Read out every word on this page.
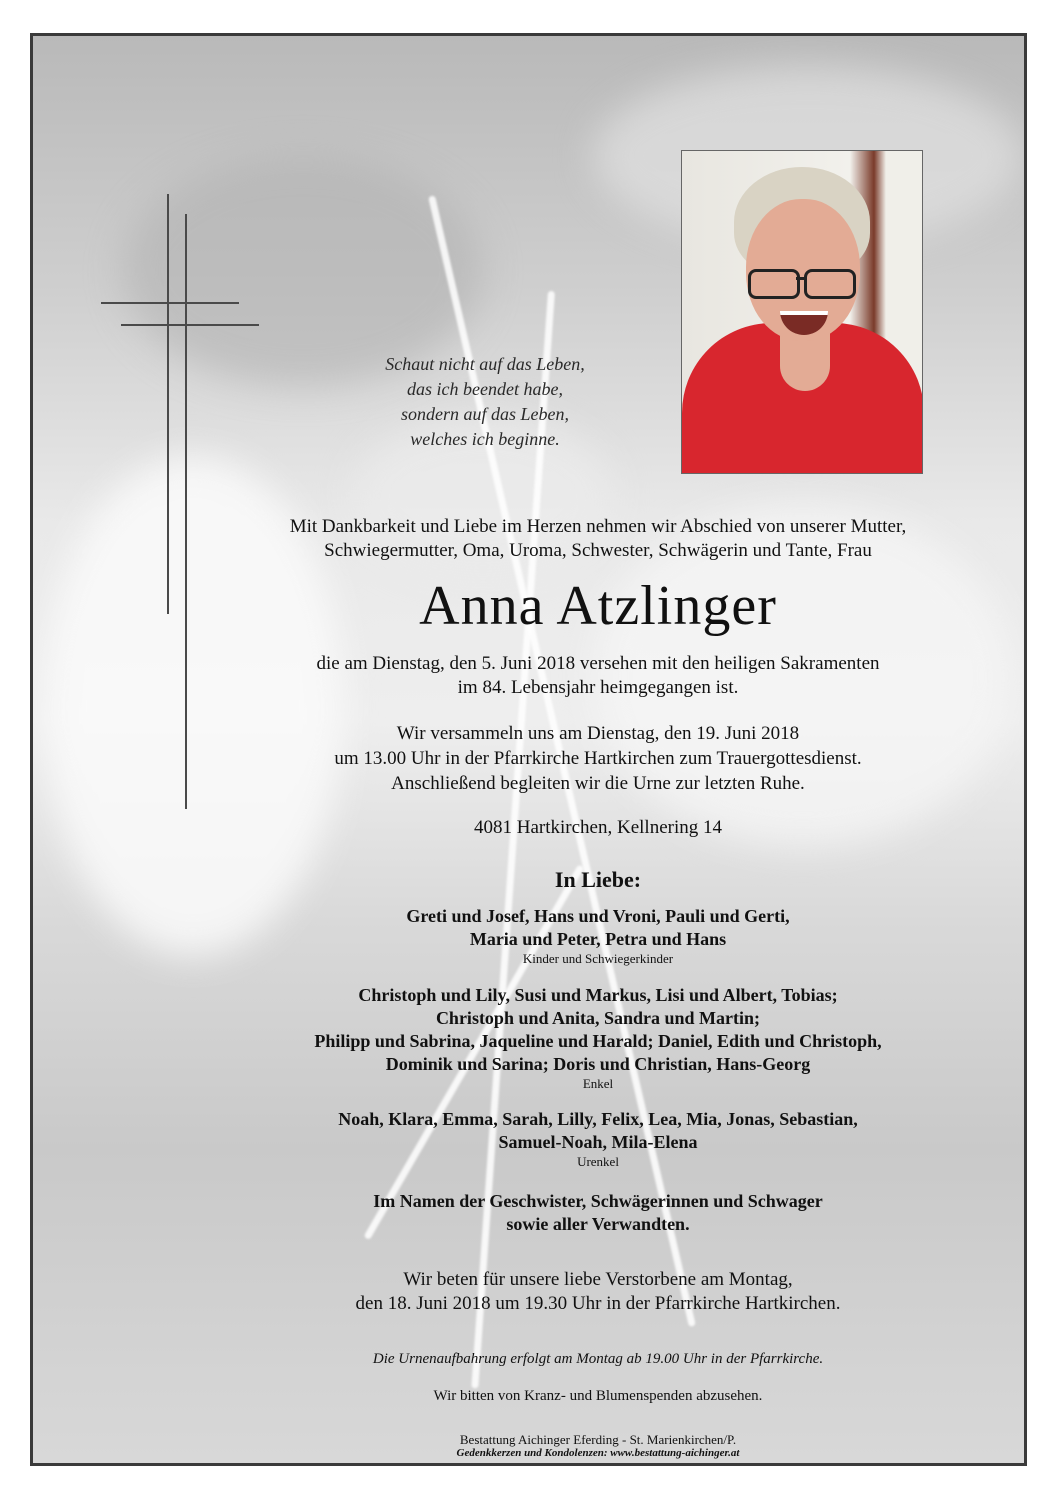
Schaut nicht auf das Leben,
das ich beendet habe,
sondern auf das Leben,
welches ich beginne.
Mit Dankbarkeit und Liebe im Herzen nehmen wir Abschied von unserer Mutter,
Schwiegermutter, Oma, Uroma, Schwester, Schwägerin und Tante, Frau
Anna Atzlinger
die am Dienstag, den 5. Juni 2018 versehen mit den heiligen Sakramenten
im 84. Lebensjahr heimgegangen ist.
Wir versammeln uns am Dienstag, den 19. Juni 2018
um 13.00 Uhr in der Pfarrkirche Hartkirchen zum Trauergottesdienst.
Anschließend begleiten wir die Urne zur letzten Ruhe.
4081 Hartkirchen, Kellnering 14
In Liebe:
Greti und Josef, Hans und Vroni, Pauli und Gerti,
Maria und Peter, Petra und Hans
Kinder und Schwiegerkinder
Christoph und Lily, Susi und Markus, Lisi und Albert, Tobias;
Christoph und Anita, Sandra und Martin;
Philipp und Sabrina, Jaqueline und Harald; Daniel, Edith und Christoph,
Dominik und Sarina; Doris und Christian, Hans-Georg
Enkel
Noah, Klara, Emma, Sarah, Lilly, Felix, Lea, Mia, Jonas, Sebastian,
Samuel-Noah, Mila-Elena
Urenkel
Im Namen der Geschwister, Schwägerinnen und Schwager
sowie aller Verwandten.
Wir beten für unsere liebe Verstorbene am Montag,
den 18. Juni 2018 um 19.30 Uhr in der Pfarrkirche Hartkirchen.
Die Urnenaufbahrung erfolgt am Montag ab 19.00 Uhr in der Pfarrkirche.
Wir bitten von Kranz- und Blumenspenden abzusehen.
Bestattung Aichinger Eferding - St. Marienkirchen/P.
Gedenkkerzen und Kondolenzen: www.bestattung-aichinger.at
